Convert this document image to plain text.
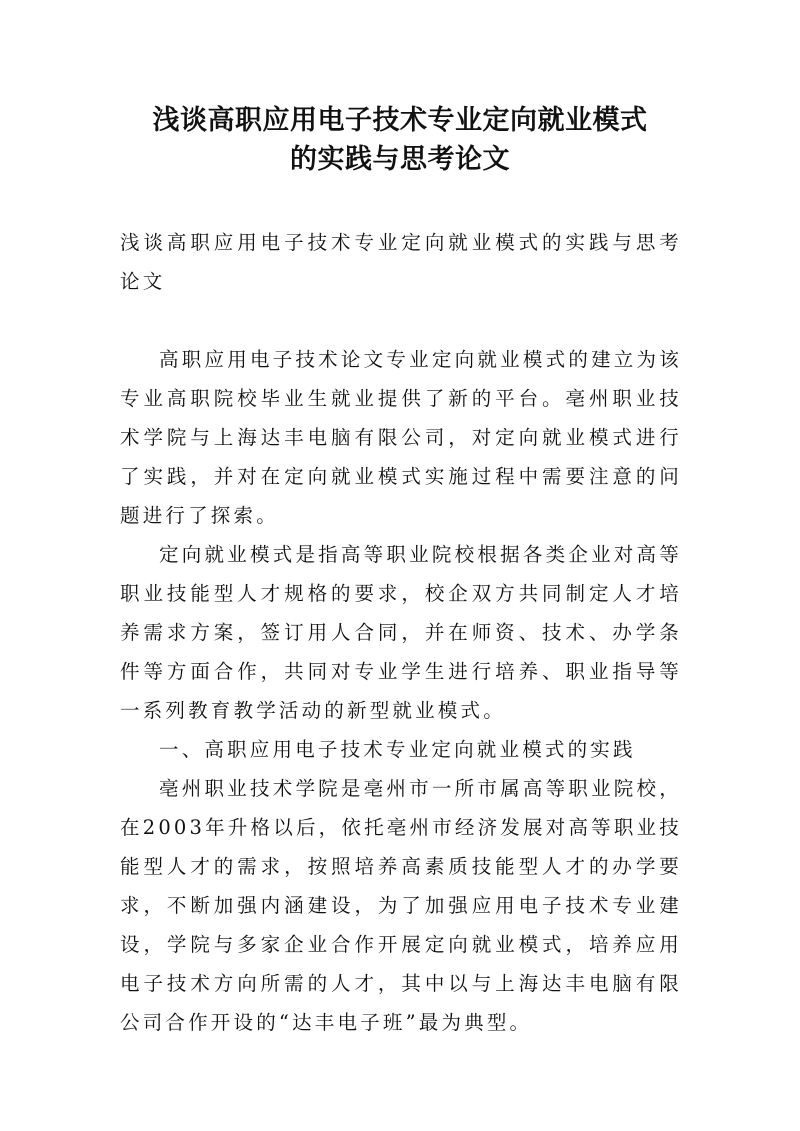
浅谈高职应用电子技术专业定向就业模式
的实践与思考论文

浅谈高职应用电子技术专业定向就业模式的实践与思考论文

高职应用电子技术论文专业定向就业模式的建立为该专业高职院校毕业生就业提供了新的平台。亳州职业技术学院与上海达丰电脑有限公司，对定向就业模式进行了实践，并对在定向就业模式实施过程中需要注意的问题进行了探索。

定向就业模式是指高等职业院校根据各类企业对高等职业技能型人才规格的要求，校企双方共同制定人才培养需求方案，签订用人合同，并在师资、技术、办学条件等方面合作，共同对专业学生进行培养、职业指导等一系列教育教学活动的新型就业模式。

一、高职应用电子技术专业定向就业模式的实践

亳州职业技术学院是亳州市一所市属高等职业院校，在2003年升格以后，依托亳州市经济发展对高等职业技能型人才的需求，按照培养高素质技能型人才的办学要求，不断加强内涵建设，为了加强应用电子技术专业建设，学院与多家企业合作开展定向就业模式，培养应用电子技术方向所需的人才，其中以与上海达丰电脑有限公司合作开设的“达丰电子班”最为典型。
